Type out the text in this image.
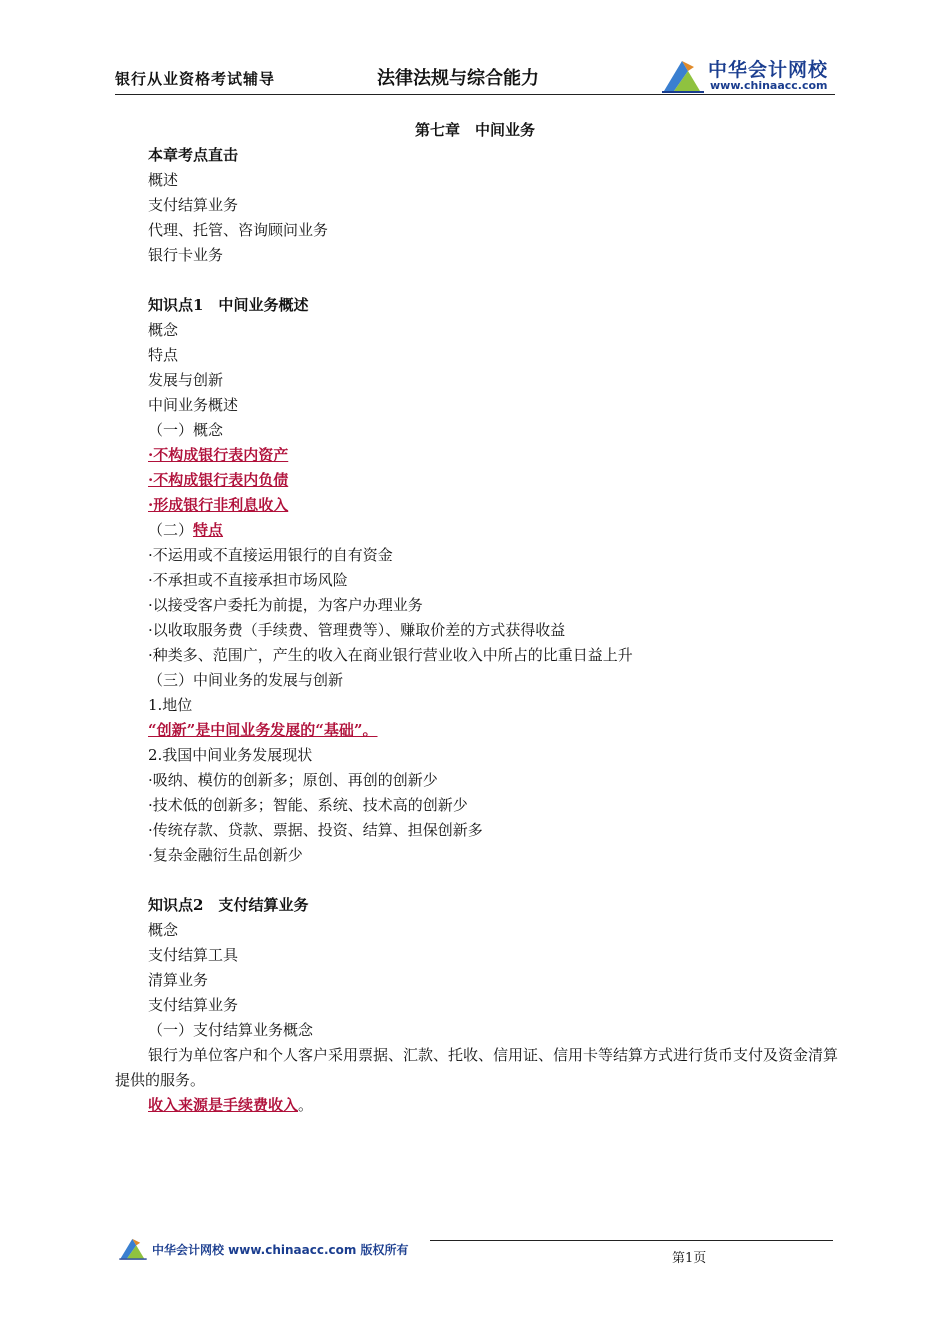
银行从业资格考试辅导	法律法规与综合能力	中华会计网校
www.chinaacc.com
第七章　中间业务
本章考点直击
概述
支付结算业务
代理、托管、咨询顾问业务
银行卡业务
知识点1　中间业务概述
概念
特点
发展与创新
中间业务概述
（一）概念
·不构成银行表内资产
·不构成银行表内负债
·形成银行非利息收入
（二）特点
·不运用或不直接运用银行的自有资金
·不承担或不直接承担市场风险
·以接受客户委托为前提，为客户办理业务
·以收取服务费（手续费、管理费等）、赚取价差的方式获得收益
·种类多、范围广，产生的收入在商业银行营业收入中所占的比重日益上升
（三）中间业务的发展与创新
1.地位
“创新”是中间业务发展的“基础”。
2.我国中间业务发展现状
·吸纳、模仿的创新多；原创、再创的创新少
·技术低的创新多；智能、系统、技术高的创新少
·传统存款、贷款、票据、投资、结算、担保创新多
·复杂金融衍生品创新少
知识点2　支付结算业务
概念
支付结算工具
清算业务
支付结算业务
（一）支付结算业务概念
银行为单位客户和个人客户采用票据、汇款、托收、信用证、信用卡等结算方式进行货币支付及资金清算提供的服务。
收入来源是手续费收入。
中华会计网校 www.chinaacc.com 版权所有
第1页
